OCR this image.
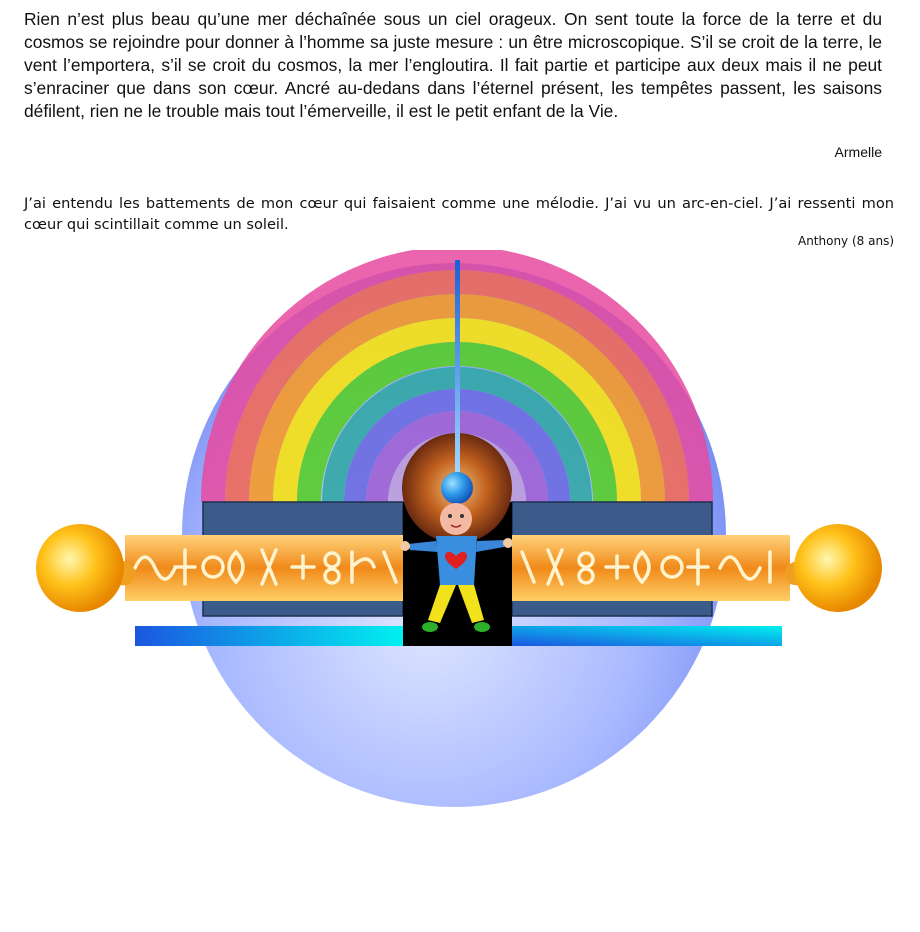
Rien n’est plus beau qu’une mer déchaînée sous un ciel orageux. On sent toute la force de la terre et du cosmos se rejoindre pour donner à l’homme sa juste mesure : un être microscopique. S’il se croit de la terre, le vent l’emportera, s’il se croit du cosmos, la mer l’engloutira. Il fait partie et participe aux deux mais il ne peut s’enraciner que dans son cœur. Ancré au-dedans dans l’éternel présent, les tempêtes passent, les saisons défilent, rien ne le trouble mais tout l’émerveille, il est le petit enfant de la Vie.

Armelle

J’ai entendu les battements de mon cœur qui faisaient comme une mélodie. J’ai vu un arc-en-ciel. J’ai ressenti mon cœur qui scintillait comme un soleil.

Anthony (8 ans)
